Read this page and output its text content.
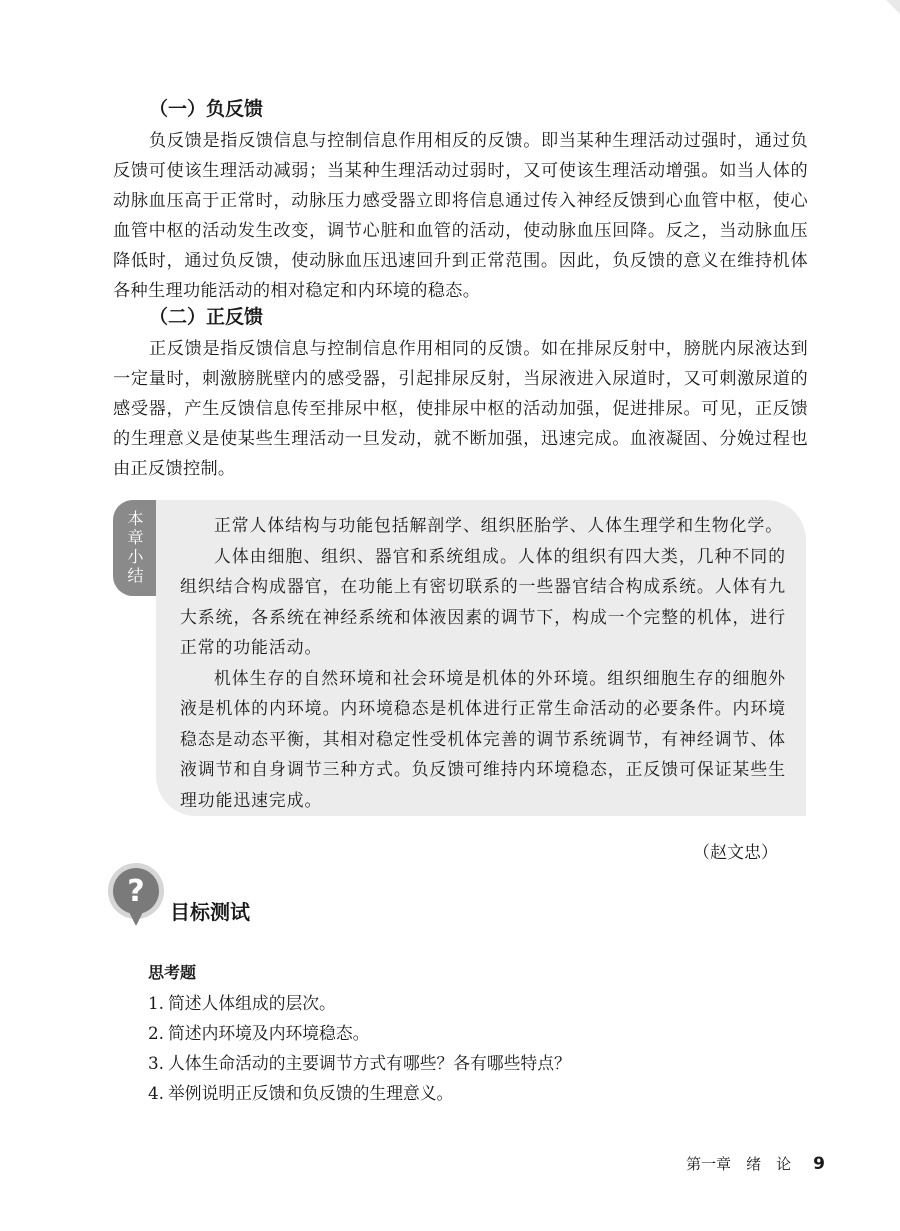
（一）负反馈

负反馈是指反馈信息与控制信息作用相反的反馈。即当某种生理活动过强时，通过负反馈可使该生理活动减弱；当某种生理活动过弱时，又可使该生理活动增强。如当人体的动脉血压高于正常时，动脉压力感受器立即将信息通过传入神经反馈到心血管中枢，使心血管中枢的活动发生改变，调节心脏和血管的活动，使动脉血压回降。反之，当动脉血压降低时，通过负反馈，使动脉血压迅速回升到正常范围。因此，负反馈的意义在维持机体各种生理功能活动的相对稳定和内环境的稳态。

（二）正反馈

正反馈是指反馈信息与控制信息作用相同的反馈。如在排尿反射中，膀胱内尿液达到一定量时，刺激膀胱壁内的感受器，引起排尿反射，当尿液进入尿道时，又可刺激尿道的感受器，产生反馈信息传至排尿中枢，使排尿中枢的活动加强，促进排尿。可见，正反馈的生理意义是使某些生理活动一旦发动，就不断加强，迅速完成。血液凝固、分娩过程也由正反馈控制。

本章小结	正常人体结构与功能包括解剖学、组织胚胎学、人体生理学和生物化学。

人体由细胞、组织、器官和系统组成。人体的组织有四大类，几种不同的组织结合构成器官，在功能上有密切联系的一些器官结合构成系统。人体有九大系统，各系统在神经系统和体液因素的调节下，构成一个完整的机体，进行正常的功能活动。

机体生存的自然环境和社会环境是机体的外环境。组织细胞生存的细胞外液是机体的内环境。内环境稳态是机体进行正常生命活动的必要条件。内环境稳态是动态平衡，其相对稳定性受机体完善的调节系统调节，有神经调节、体液调节和自身调节三种方式。负反馈可维持内环境稳态，正反馈可保证某些生理功能迅速完成。

（赵文忠）
?
目标测试

思考题

1. 简述人体组成的层次。
2. 简述内环境及内环境稳态。
3. 人体生命活动的主要调节方式有哪些？各有哪些特点？
4. 举例说明正反馈和负反馈的生理意义。
第一章　绪　论 9
